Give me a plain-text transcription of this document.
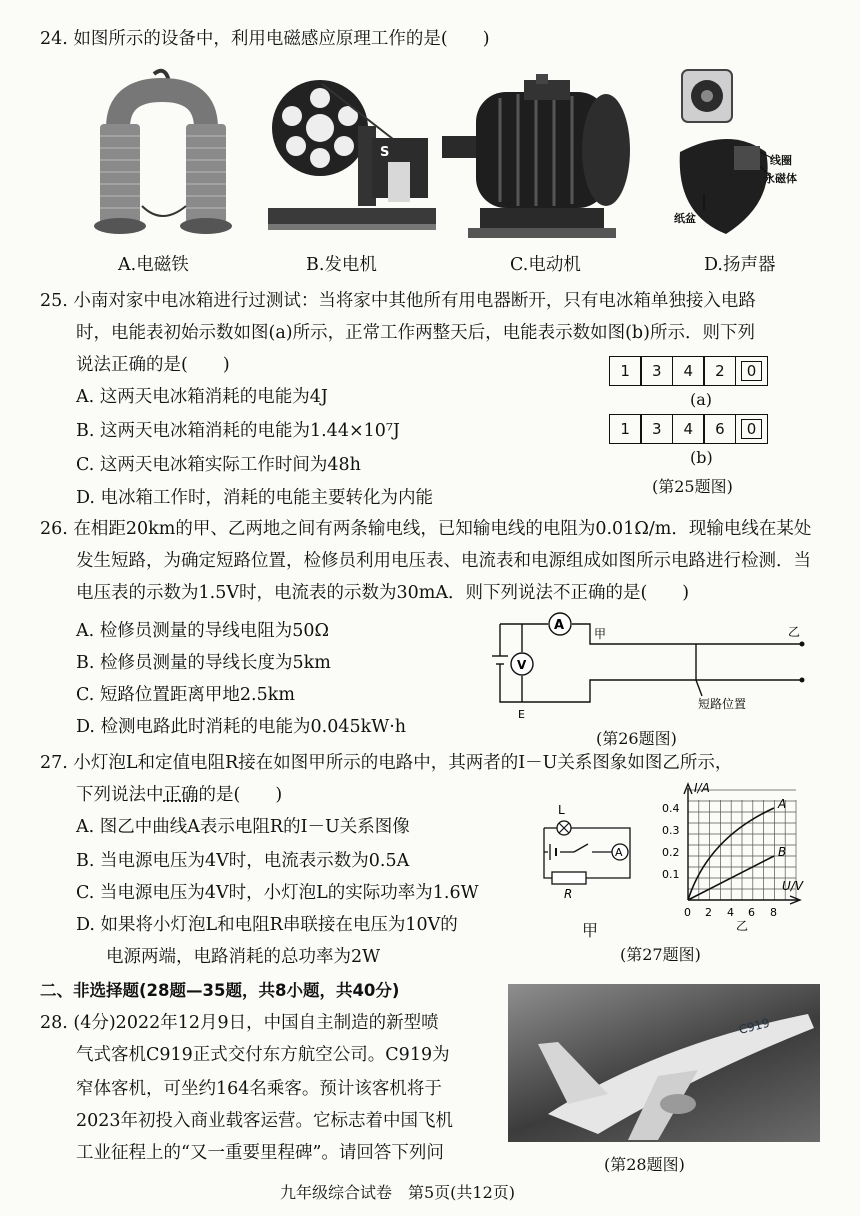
24. 如图所示的设备中，利用电磁感应原理工作的是(　　)
S
线圈
永磁体
纸盆
A.电磁铁	B.发电机	C.电动机	D.扬声器
25. 小南对家中电冰箱进行过测试：当将家中其他所有用电器断开，只有电冰箱单独接入电路
时，电能表初始示数如图(a)所示，正常工作两整天后，电能表示数如图(b)所示．则下列
说法正确的是(　　)
A. 这两天电冰箱消耗的电能为4J
B. 这两天电冰箱消耗的电能为1.44×10⁷J
C. 这两天电冰箱实际工作时间为48h
D. 电冰箱工作时，消耗的电能主要转化为内能
1	3	4	2	0
(a)
1	3	4	6	0
(b)
(第25题图)
26. 在相距20km的甲、乙两地之间有两条输电线，已知输电线的电阻为0.01Ω/m．现输电线在某处
发生短路，为确定短路位置，检修员利用电压表、电流表和电源组成如图所示电路进行检测．当
电压表的示数为1.5V时，电流表的示数为30mA．则下列说法不正确的是(　　)
A. 检修员测量的导线电阻为50Ω
B. 检修员测量的导线长度为5km
C. 短路位置距离甲地2.5km
D. 检测电路此时消耗的电能为0.045kW·h
A
V
甲	乙
短路位置
E
(第26题图)
27. 小灯泡L和定值电阻R接在如图甲所示的电路中，其两者的I－U关系图象如图乙所示，
下列说法中正确的是(　　)
A. 图乙中曲线A表示电阻R的I－U关系图像
B. 当电源电压为4V时，电流表示数为0.5A
C. 当电源电压为4V时，小灯泡L的实际功率为1.6W
D. 如果将小灯泡L和电阻R串联接在电压为10V的
电源两端，电路消耗的总功率为2W
L
A
R
甲
I/A
U/V
A
B
0.4
0.3
0.2
0.1
0 2 4 6 8
乙
(第27题图)
二、非选择题(28题—35题，共8小题，共40分)
28. (4分)2022年12月9日，中国自主制造的新型喷
气式客机C919正式交付东方航空公司。C919为
窄体客机，可坐约164名乘客。预计该客机将于
2023年初投入商业载客运营。它标志着中国飞机
工业征程上的“又一重要里程碑”。请回答下列问
C919
(第28题图)
九年级综合试卷　第5页(共12页)
